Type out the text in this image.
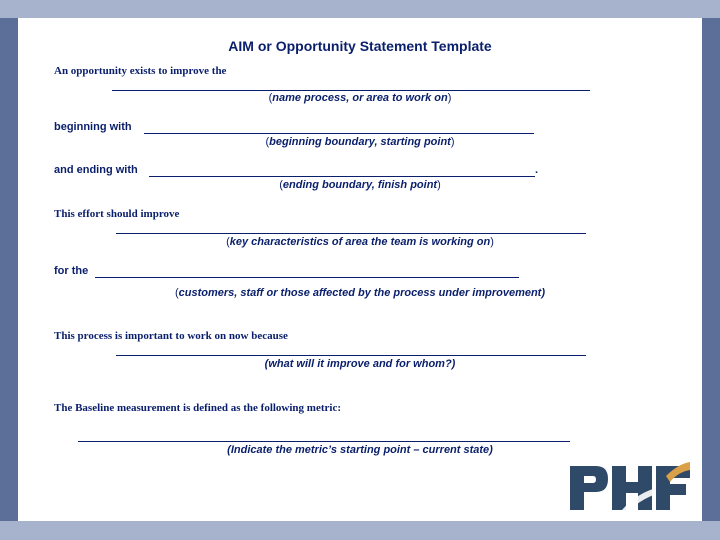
AIM or Opportunity Statement Template
An opportunity exists to improve the
(name process, or area to work on)
beginning with
(beginning boundary, starting point)
and ending with	.
(ending boundary, finish point)
This effort should improve
(key characteristics of area the team is working on)
for the
(customers, staff or those affected by the process under improvement)
This process is important to work on now because
(what will it improve and for whom?)
The Baseline measurement is defined as the following metric:
(Indicate the metric’s starting point – current state)
